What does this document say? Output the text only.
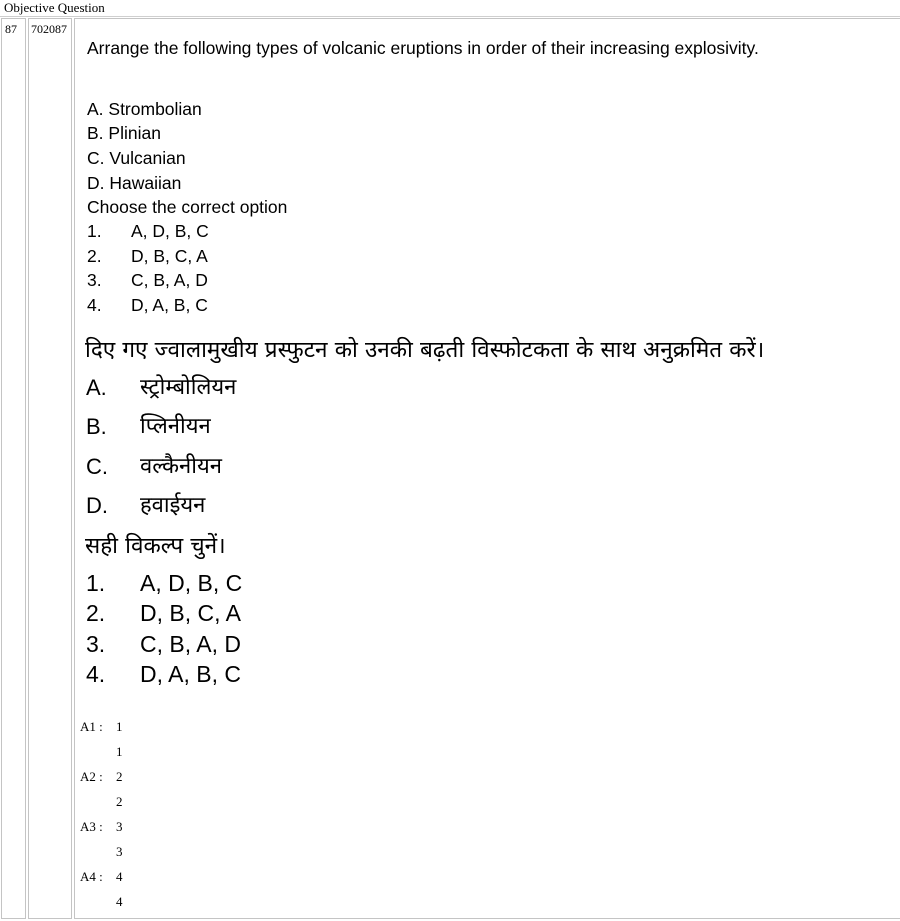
Objective Question
87 702087
Arrange the following types of volcanic eruptions in order of their increasing explosivity.
A. Strombolian
B. Plinian
C. Vulcanian
D. Hawaiian
Choose the correct option
1. A, D, B, C
2. D, B, C, A
3. C, B, A, D
4. D, A, B, C
दिए गए ज्वालामुखीय प्रस्फुटन को उनकी बढ़ती विस्फोटकता के साथ अनुक्रमित करें।
A. स्ट्रोम्बोलियन
B. प्लिनीयन
C. वल्कैनीयन
D. हवाईयन
सही विकल्प चुनें।
1. A, D, B, C
2. D, B, C, A
3. C, B, A, D
4. D, A, B, C
A1 : 1
1
A2 : 2
2
A3 : 3
3
A4 : 4
4
